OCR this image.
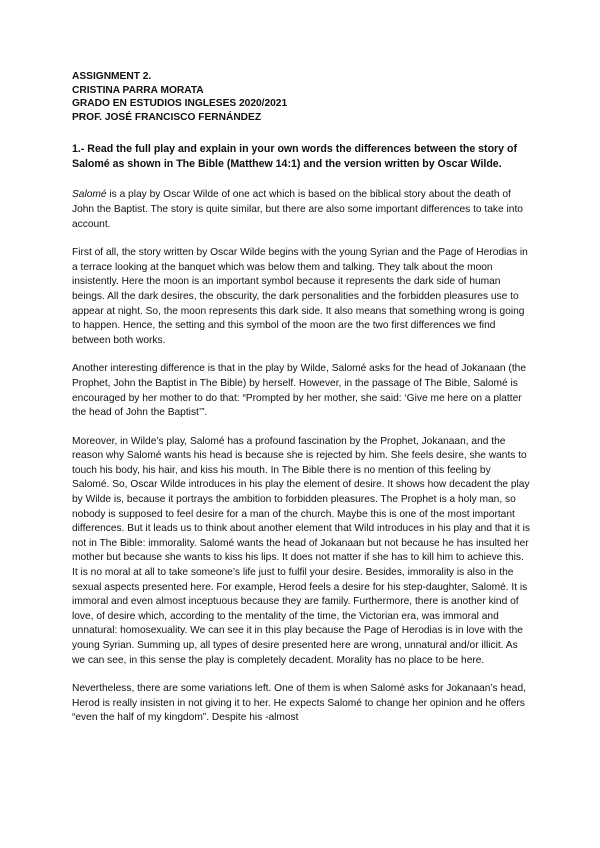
ASSIGNMENT 2.
CRISTINA PARRA MORATA
GRADO EN ESTUDIOS INGLESES 2020/2021
PROF. JOSÉ FRANCISCO FERNÁNDEZ
1.- Read the full play and explain in your own words the differences between the story of Salomé as shown in The Bible (Matthew 14:1) and the version written by Oscar Wilde.

Salomé is a play by Oscar Wilde of one act which is based on the biblical story about the death of John the Baptist. The story is quite similar, but there are also some important differences to take into account.

First of all, the story written by Oscar Wilde begins with the young Syrian and the Page of Herodias in a terrace looking at the banquet which was below them and talking. They talk about the moon insistently. Here the moon is an important symbol because it represents the dark side of human beings. All the dark desires, the obscurity, the dark personalities and the forbidden pleasures use to appear at night. So, the moon represents this dark side. It also means that something wrong is going to happen. Hence, the setting and this symbol of the moon are the two first differences we find between both works.

Another interesting difference is that in the play by Wilde, Salomé asks for the head of Jokanaan (the Prophet, John the Baptist in The Bible) by herself. However, in the passage of The Bible, Salomé is encouraged by her mother to do that: “Prompted by her mother, she said: ‘Give me here on a platter the head of John the Baptist’”.

Moreover, in Wilde’s play, Salomé has a profound fascination by the Prophet, Jokanaan, and the reason why Salomé wants his head is because she is rejected by him. She feels desire, she wants to touch his body, his hair, and kiss his mouth. In The Bible there is no mention of this feeling by Salomé. So, Oscar Wilde introduces in his play the element of desire. It shows how decadent the play by Wilde is, because it portrays the ambition to forbidden pleasures. The Prophet is a holy man, so nobody is supposed to feel desire for a man of the church. Maybe this is one of the most important differences. But it leads us to think about another element that Wild introduces in his play and that it is not in The Bible: immorality. Salomé wants the head of Jokanaan but not because he has insulted her mother but because she wants to kiss his lips. It does not matter if she has to kill him to achieve this. It is no moral at all to take someone’s life just to fulfil your desire. Besides, immorality is also in the sexual aspects presented here. For example, Herod feels a desire for his step-daughter, Salomé. It is immoral and even almost inceptuous because they are family. Furthermore, there is another kind of love, of desire which, according to the mentality of the time, the Victorian era, was immoral and unnatural: homosexuality. We can see it in this play because the Page of Herodias is in love with the young Syrian. Summing up, all types of desire presented here are wrong, unnatural and/or illicit. As we can see, in this sense the play is completely decadent. Morality has no place to be here.

Nevertheless, there are some variations left. One of them is when Salomé asks for Jokanaan’s head, Herod is really insisten in not giving it to her. He expects Salomé to change her opinion and he offers “even the half of my kingdom”. Despite his -almost
